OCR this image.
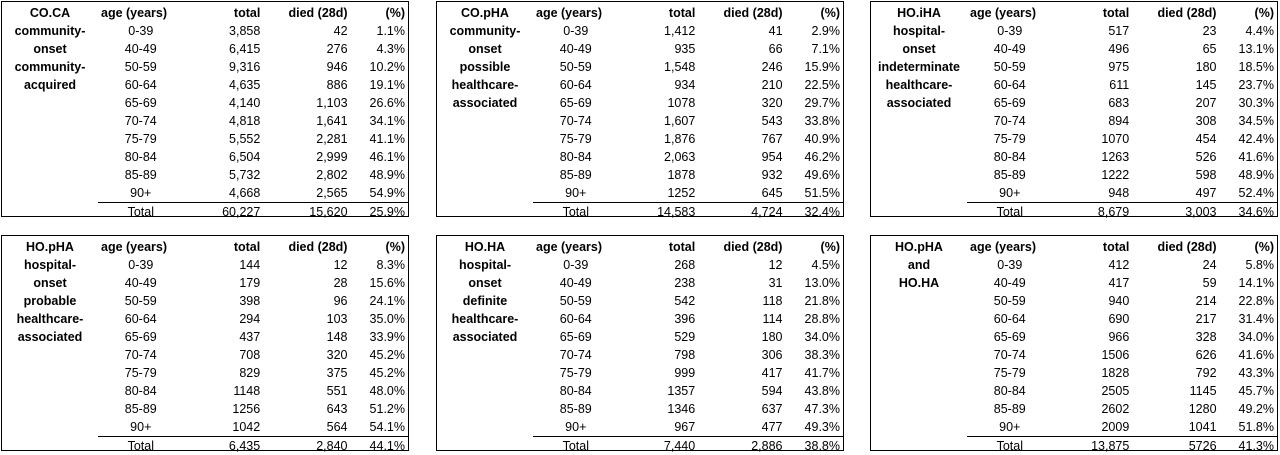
CO.CA
community-
onset
community-
acquired
age (years)	total	died (28d)	(%)
0-39	3,858	42	1.1%
40-49	6,415	276	4.3%
50-59	9,316	946	10.2%
60-64	4,635	886	19.1%
65-69	4,140	1,103	26.6%
70-74	4,818	1,641	34.1%
75-79	5,552	2,281	41.1%
80-84	6,504	2,999	46.1%
85-89	5,732	2,802	48.9%
90+	4,668	2,565	54.9%
Total	60,227	15,620	25.9%
CO.pHA
community-
onset
possible
healthcare-
associated
age (years)	total	died (28d)	(%)
0-39	1,412	41	2.9%
40-49	935	66	7.1%
50-59	1,548	246	15.9%
60-64	934	210	22.5%
65-69	1078	320	29.7%
70-74	1,607	543	33.8%
75-79	1,876	767	40.9%
80-84	2,063	954	46.2%
85-89	1878	932	49.6%
90+	1252	645	51.5%
Total	14,583	4,724	32.4%
HO.iHA
hospital-
onset
indeterminate
healthcare-
associated
age (years)	total	died (28d)	(%)
0-39	517	23	4.4%
40-49	496	65	13.1%
50-59	975	180	18.5%
60-64	611	145	23.7%
65-69	683	207	30.3%
70-74	894	308	34.5%
75-79	1070	454	42.4%
80-84	1263	526	41.6%
85-89	1222	598	48.9%
90+	948	497	52.4%
Total	8,679	3,003	34.6%
HO.pHA
hospital-
onset
probable
healthcare-
associated
age (years)	total	died (28d)	(%)
0-39	144	12	8.3%
40-49	179	28	15.6%
50-59	398	96	24.1%
60-64	294	103	35.0%
65-69	437	148	33.9%
70-74	708	320	45.2%
75-79	829	375	45.2%
80-84	1148	551	48.0%
85-89	1256	643	51.2%
90+	1042	564	54.1%
Total	6,435	2,840	44.1%
HO.HA
hospital-
onset
definite
healthcare-
associated
age (years)	total	died (28d)	(%)
0-39	268	12	4.5%
40-49	238	31	13.0%
50-59	542	118	21.8%
60-64	396	114	28.8%
65-69	529	180	34.0%
70-74	798	306	38.3%
75-79	999	417	41.7%
80-84	1357	594	43.8%
85-89	1346	637	47.3%
90+	967	477	49.3%
Total	7,440	2,886	38.8%
HO.pHA
and
HO.HA
age (years)	total	died (28d)	(%)
0-39	412	24	5.8%
40-49	417	59	14.1%
50-59	940	214	22.8%
60-64	690	217	31.4%
65-69	966	328	34.0%
70-74	1506	626	41.6%
75-79	1828	792	43.3%
80-84	2505	1145	45.7%
85-89	2602	1280	49.2%
90+	2009	1041	51.8%
Total	13,875	5726	41.3%
